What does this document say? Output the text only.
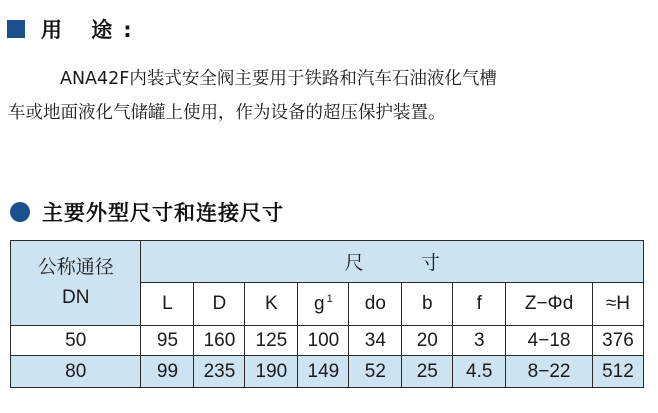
用 途:

ANA42F内装式安全阀主要用于铁路和汽车石油液化气槽
车或地面液化气储罐上使用，作为设备的超压保护装置。

主要外型尺寸和连接尺寸
公称通径
DN	尺 寸								
	L	D	K	g $^1$	do	b	f	Z−Φd	≈H
50	95	160	125	100	34	20	3	4−18	376
80	99	235	190	149	52	25	4.5	8−22	512
